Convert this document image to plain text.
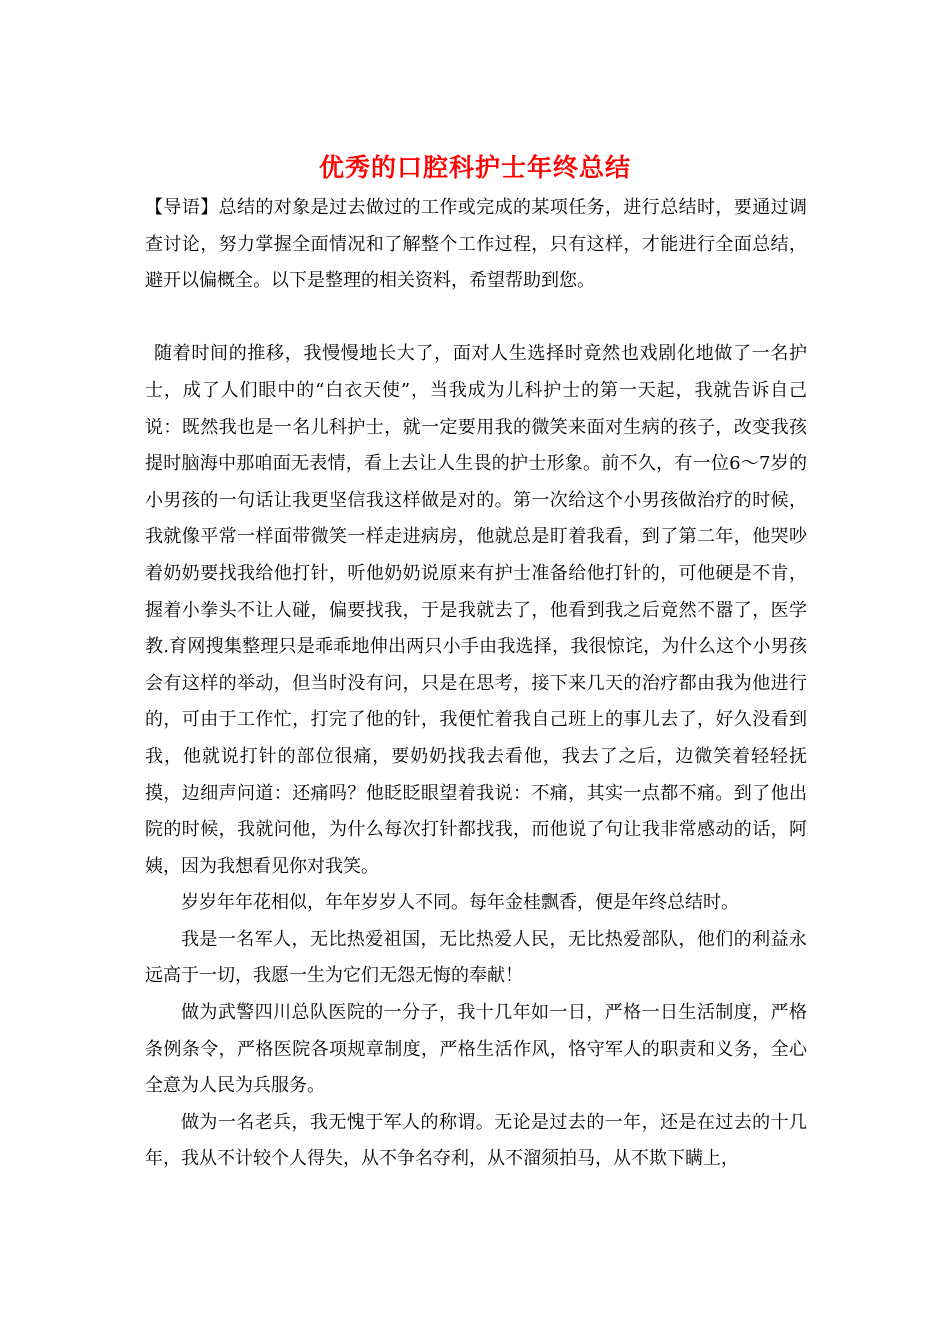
优秀的口腔科护士年终总结

【导语】总结的对象是过去做过的工作或完成的某项任务，进行总结时，要通过调查讨论，努力掌握全面情况和了解整个工作过程，只有这样，才能进行全面总结，避开以偏概全。以下是整理的相关资料，希望帮助到您。

随着时间的推移，我慢慢地长大了，面对人生选择时竟然也戏剧化地做了一名护士，成了人们眼中的“白衣天使”，当我成为儿科护士的第一天起，我就告诉自己说：既然我也是一名儿科护士，就一定要用我的微笑来面对生病的孩子，改变我孩提时脑海中那咱面无表情，看上去让人生畏的护士形象。前不久，有一位6～7岁的小男孩的一句话让我更坚信我这样做是对的。第一次给这个小男孩做治疗的时候，我就像平常一样面带微笑一样走进病房，他就总是盯着我看，到了第二年，他哭吵着奶奶要找我给他打针，听他奶奶说原来有护士准备给他打针的，可他硬是不肯，握着小拳头不让人碰，偏要找我，于是我就去了，他看到我之后竟然不嚣了，医学教.育网搜集整理只是乖乖地伸出两只小手由我选择，我很惊诧，为什么这个小男孩会有这样的举动，但当时没有问，只是在思考，接下来几天的治疗都由我为他进行的，可由于工作忙，打完了他的针，我便忙着我自己班上的事儿去了，好久没看到我，他就说打针的部位很痛，要奶奶找我去看他，我去了之后，边微笑着轻轻抚摸，边细声问道：还痛吗？他眨眨眼望着我说：不痛，其实一点都不痛。到了他出院的时候，我就问他，为什么每次打针都找我，而他说了句让我非常感动的话，阿姨，因为我想看见你对我笑。

岁岁年年花相似，年年岁岁人不同。每年金桂飘香，便是年终总结时。

我是一名军人，无比热爱祖国，无比热爱人民，无比热爱部队，他们的利益永远高于一切，我愿一生为它们无怨无悔的奉献！

做为武警四川总队医院的一分子，我十几年如一日，严格一日生活制度，严格条例条令，严格医院各项规章制度，严格生活作风，恪守军人的职责和义务，全心全意为人民为兵服务。

做为一名老兵，我无愧于军人的称谓。无论是过去的一年，还是在过去的十几年，我从不计较个人得失，从不争名夺利，从不溜须拍马，从不欺下瞒上，
